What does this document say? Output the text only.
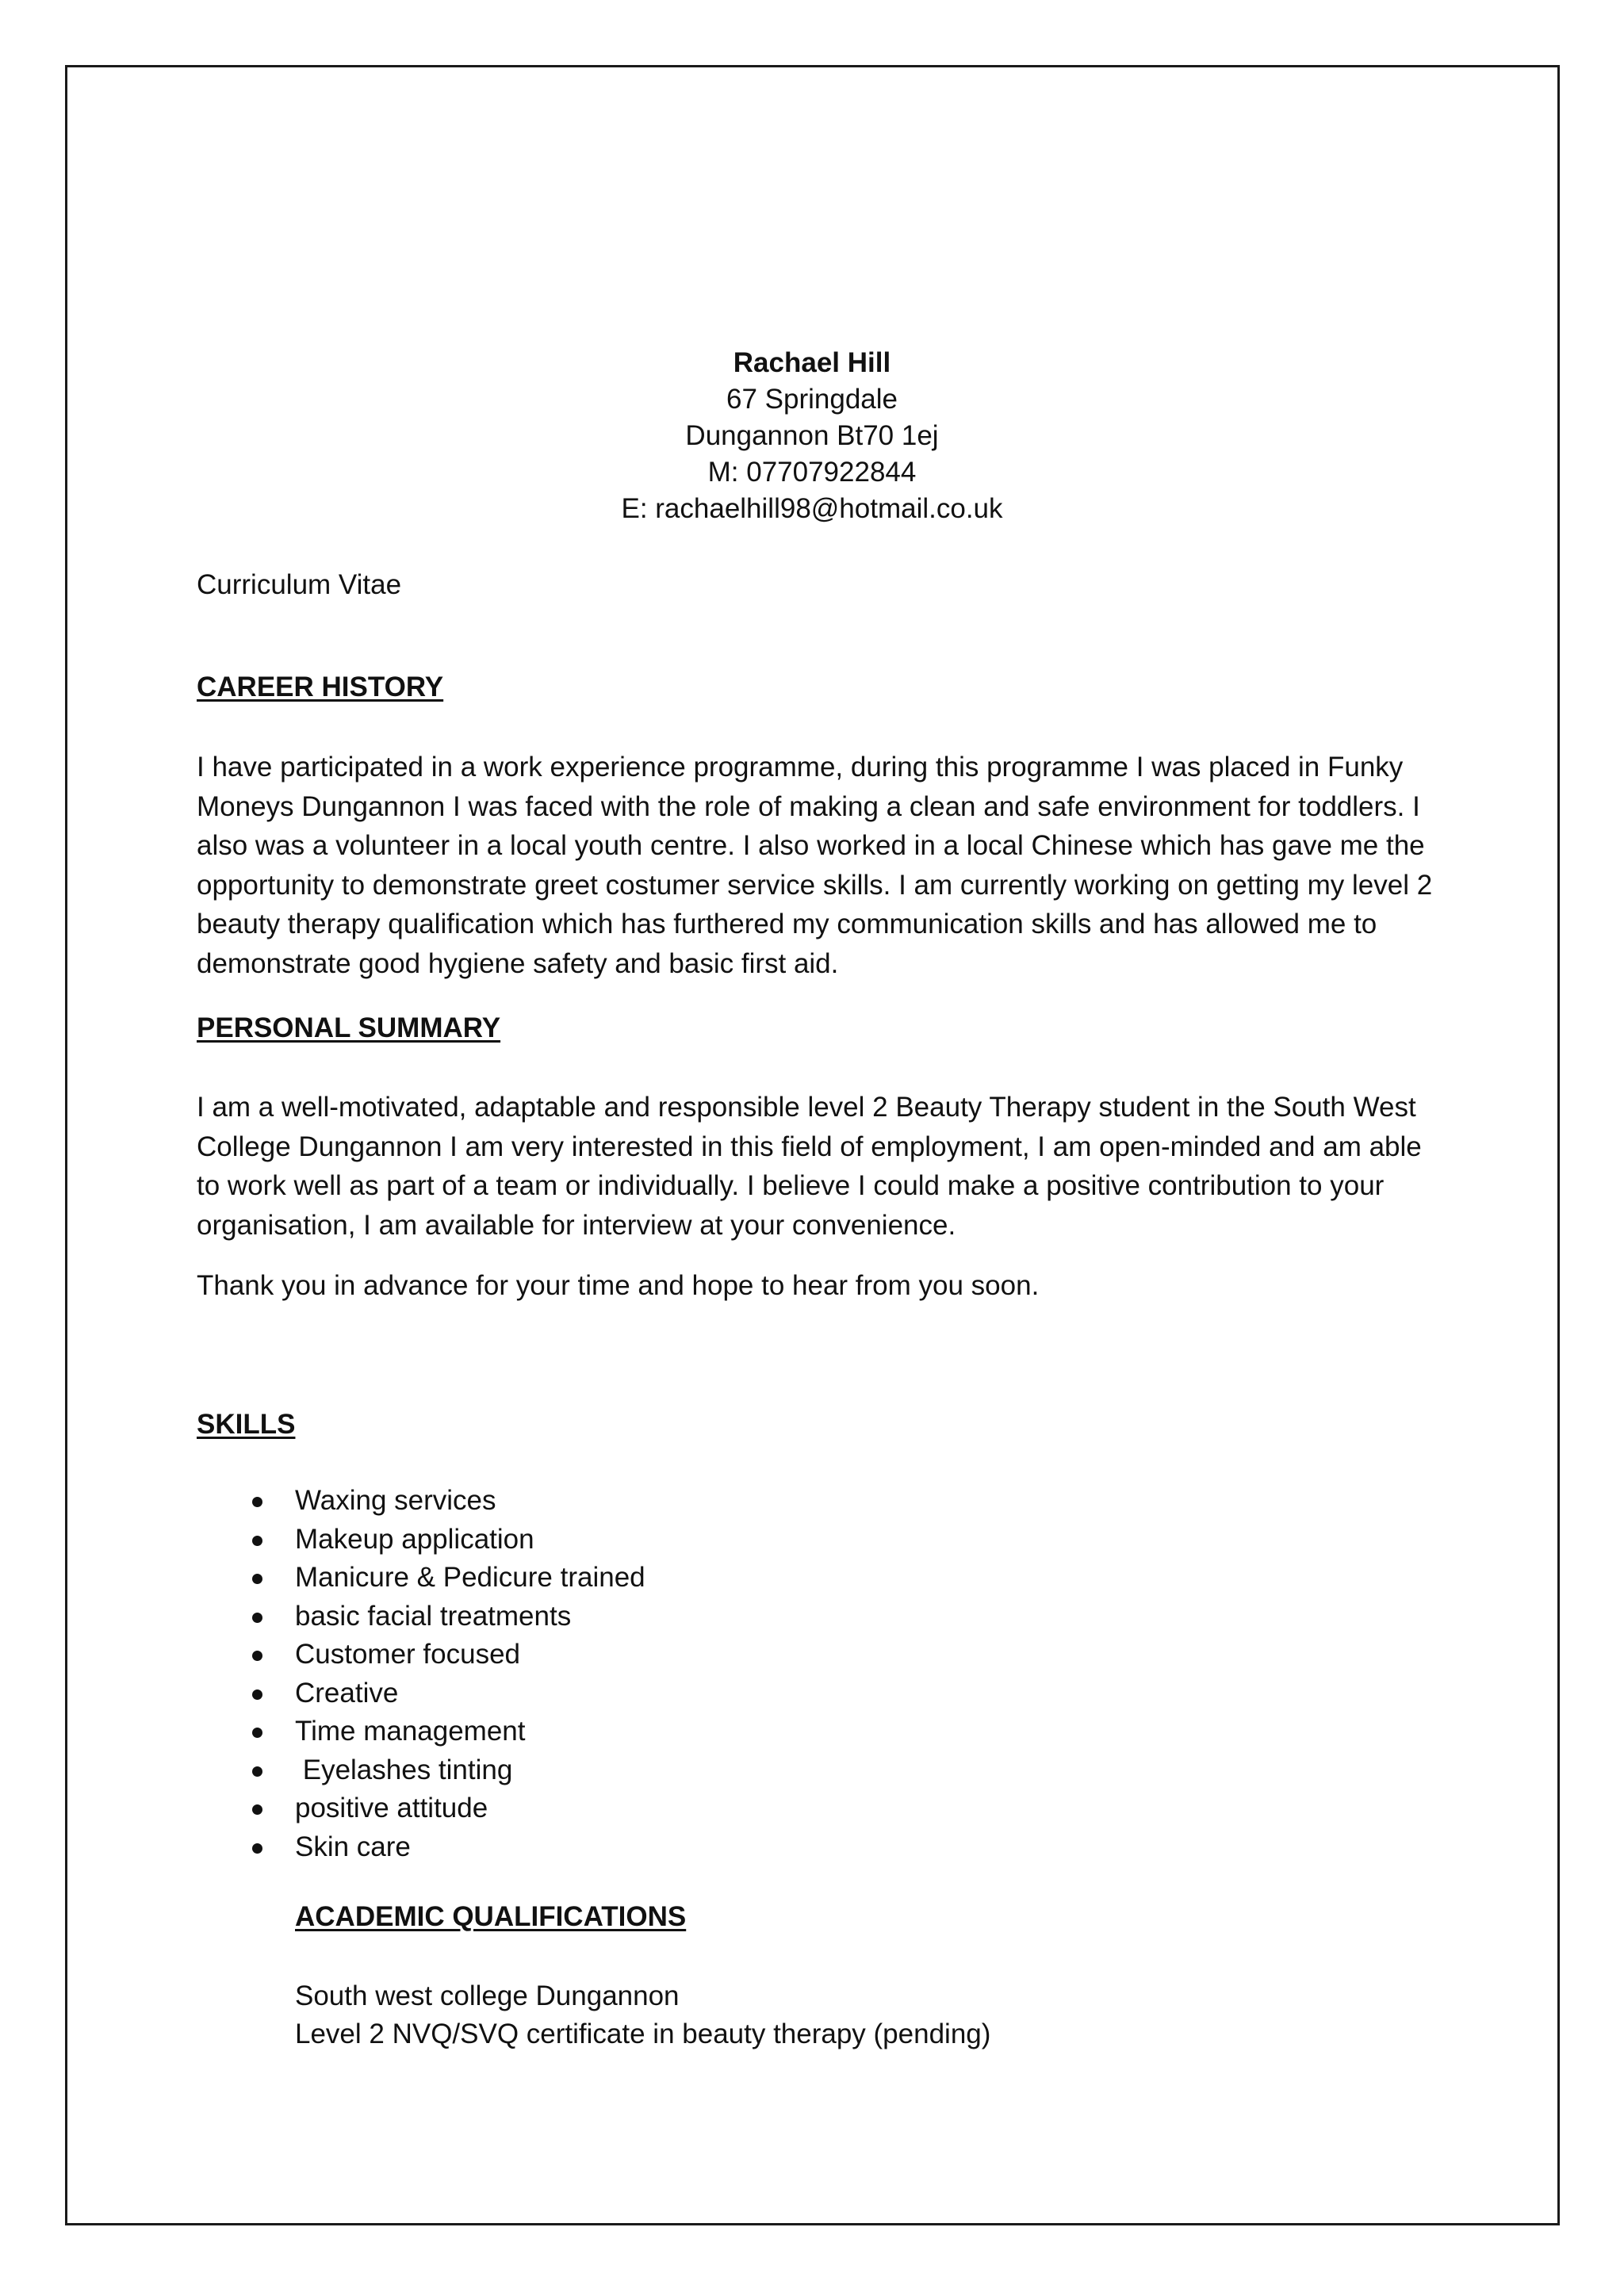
Rachael Hill
67 Springdale
Dungannon Bt70 1ej
M: 07707922844
E: rachaelhill98@hotmail.co.uk
Curriculum Vitae
CAREER HISTORY

I have participated in a work experience programme, during this programme I was placed in Funky Moneys Dungannon I was faced with the role of making a clean and safe environment for toddlers. I also was a volunteer in a local youth centre. I also worked in a local Chinese which has gave me the opportunity to demonstrate greet costumer service skills. I am currently working on getting my level 2 beauty therapy qualification which has furthered my communication skills and has allowed me to demonstrate good hygiene safety and basic first aid.

PERSONAL SUMMARY

I am a well-motivated, adaptable and responsible level 2 Beauty Therapy student in the South West College Dungannon I am very interested in this field of employment, I am open-minded and am able to work well as part of a team or individually. I believe I could make a positive contribution to your organisation, I am available for interview at your convenience.

Thank you in advance for your time and hope to hear from you soon.

SKILLS
Waxing services
Makeup application
Manicure & Pedicure trained
basic facial treatments
Customer focused
Creative
Time management
Eyelashes tinting
positive attitude
Skin care
ACADEMIC QUALIFICATIONS
South west college Dungannon
Level 2 NVQ/SVQ certificate in beauty therapy (pending)
